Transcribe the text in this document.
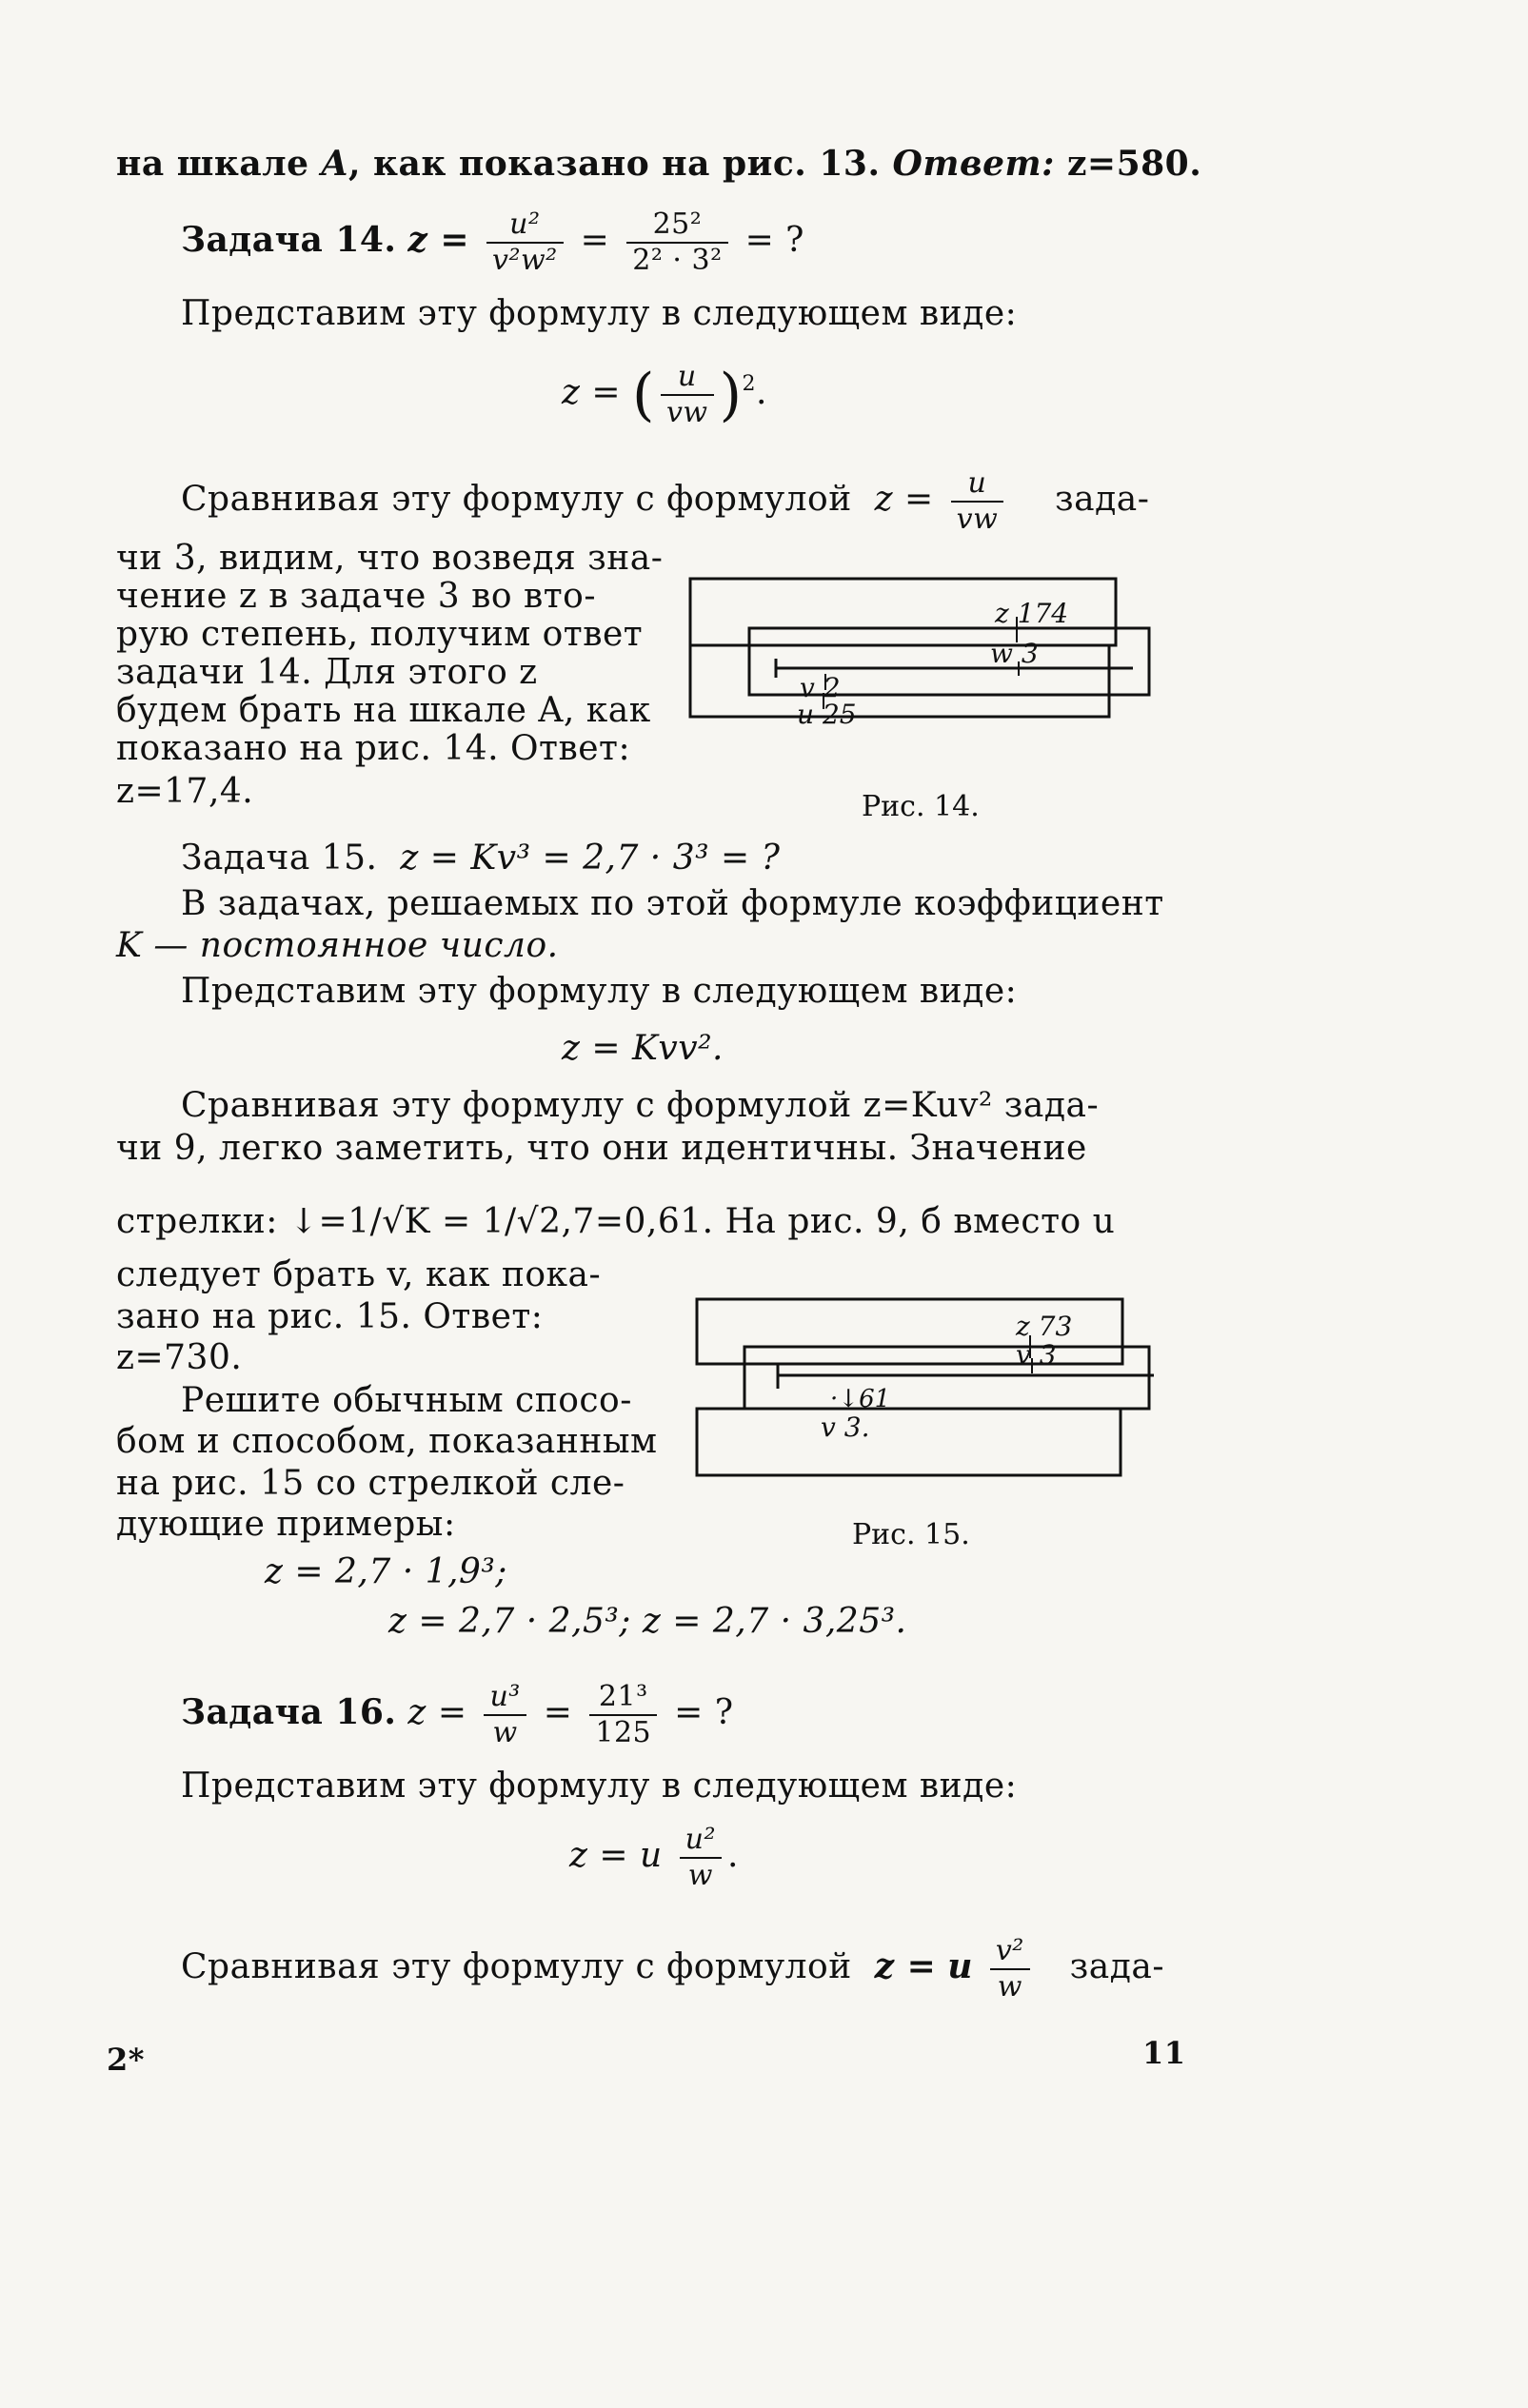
на шкале A, как показано на рис. 13. Ответ: z=580.
Задача 14. $z = \frac{\text{u²}}{\text{v²w²}} = \frac{\text{25²}}{\text{2² · 3²}}$ = ?
Представим эту формулу в следующем виде:
z = ( $\frac{u}{vw} )^2$.
Сравнивая эту формулу с формулой $z = \frac{u}{vw}$ зада-
чи 3, видим, что возведя зна-
чение z в задаче 3 во вто-
рую степень, получим ответ
задачи 14. Для этого z
будем брать на шкале A, как
показано на рис. 14. Ответ:
z=17,4.
z 174
w 3
v 2
u 25
Рис. 14.
Задача 15. z = Kv³ = 2,7 · 3³ = ?
В задачах, решаемых по этой формуле коэффициент
K — постоянное число.
Представим эту формулу в следующем виде:
z = Kvv².
Сравнивая эту формулу с формулой z=Kuv² зада-
чи 9, легко заметить, что они идентичны. Значение
стрелки: ↓=1/√K = 1/√2,7=0,61. На рис. 9, б вместо u
следует брать v, как пока-
зано на рис. 15. Ответ:
z=730.
Решите обычным спосо-
бом и способом, показанным
на рис. 15 со стрелкой сле-
дующие примеры:
z = 2,7 · 1,9³;
z = 2,7 · 2,5³; z = 2,7 · 3,25³.
z 73
v 3
·↓61
v 3.
Рис. 15.
Задача 16. $z = \frac{\text{u³}}{w} = \frac{\text{21³}}{125}$ = ?
Представим эту формулу в следующем виде:
z = u $\frac{\text{u²}}{w}$ .
Сравнивая эту формулу с формулой z = u $\frac{\text{v²}}{w}$ зада-
2*	11
